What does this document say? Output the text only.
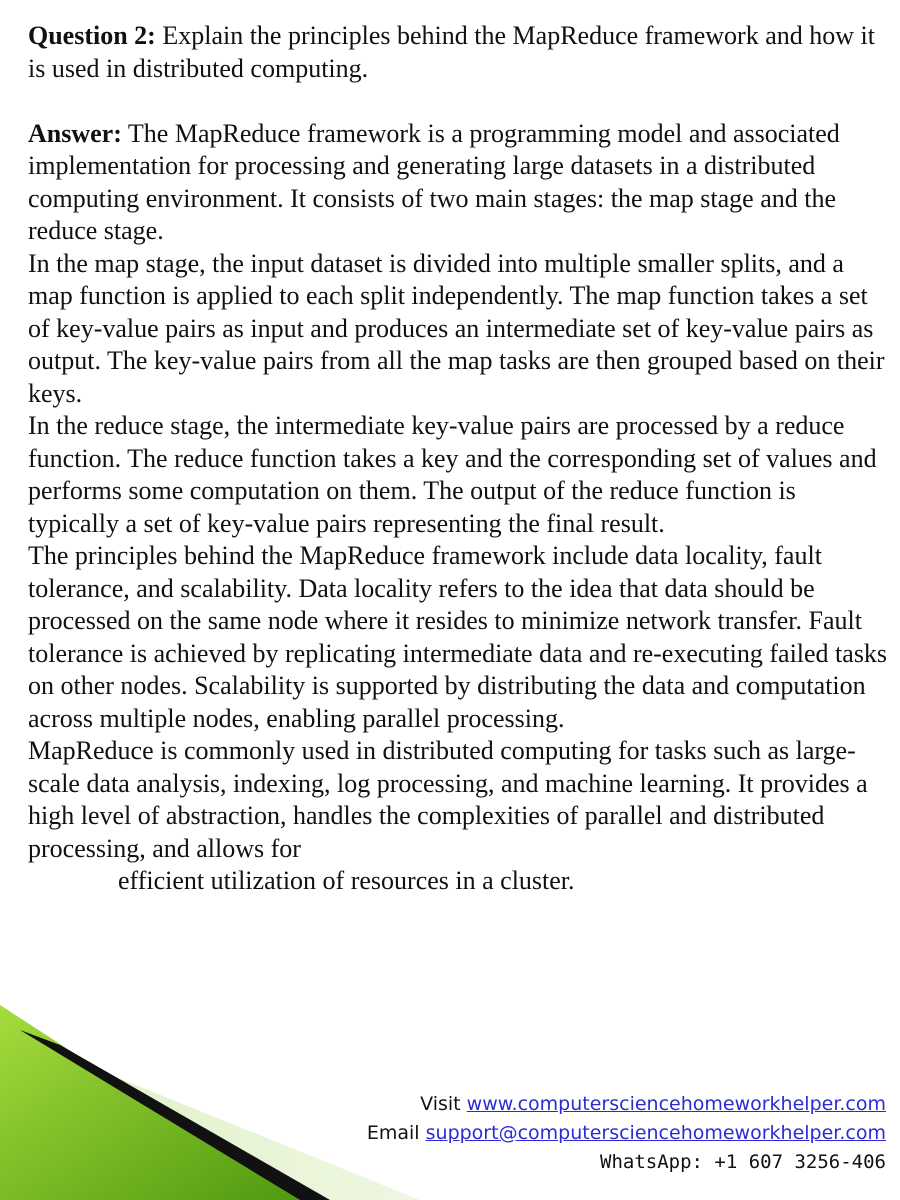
Question 2: Explain the principles behind the MapReduce framework and how it is used in distributed computing.

Answer: The MapReduce framework is a programming model and associated implementation for processing and generating large datasets in a distributed computing environment. It consists of two main stages: the map stage and the reduce stage.

In the map stage, the input dataset is divided into multiple smaller splits, and a map function is applied to each split independently. The map function takes a set of key-value pairs as input and produces an intermediate set of key-value pairs as output. The key-value pairs from all the map tasks are then grouped based on their keys.

In the reduce stage, the intermediate key-value pairs are processed by a reduce function. The reduce function takes a key and the corresponding set of values and performs some computation on them. The output of the reduce function is typically a set of key-value pairs representing the final result.

The principles behind the MapReduce framework include data locality, fault tolerance, and scalability. Data locality refers to the idea that data should be processed on the same node where it resides to minimize network transfer. Fault tolerance is achieved by replicating intermediate data and re-executing failed tasks on other nodes. Scalability is supported by distributing the data and computation across multiple nodes, enabling parallel processing.

MapReduce is commonly used in distributed computing for tasks such as large-scale data analysis, indexing, log processing, and machine learning. It provides a high level of abstraction, handles the complexities of parallel and distributed processing, and allows for

efficient utilization of resources in a cluster.

Visit www.computersciencehomeworkhelper.com
Email support@computersciencehomeworkhelper.com
WhatsApp: +1 607 3256-406
